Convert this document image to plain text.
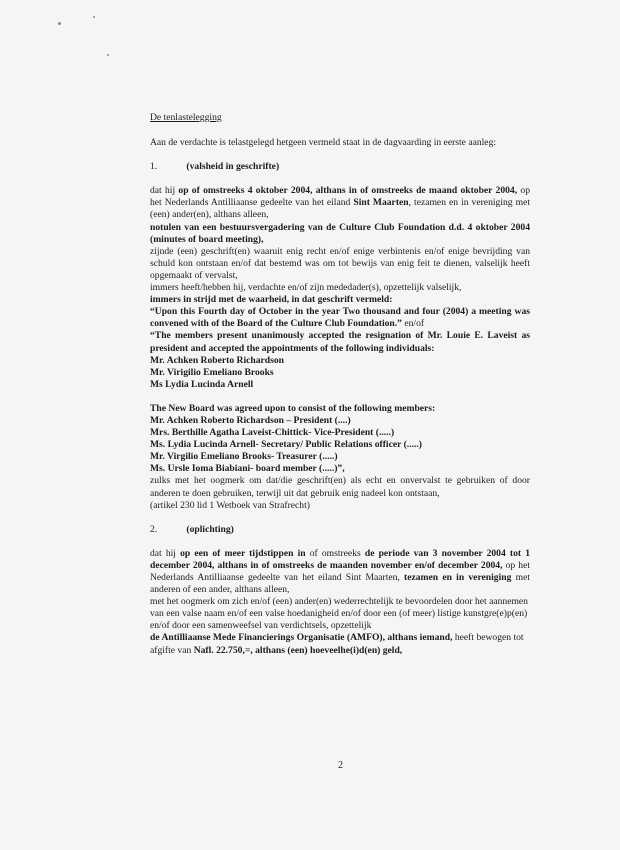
De tenlastelegging

Aan de verdachte is telastgelegd hetgeen vermeld staat in de dagvaarding in eerste aanleg:

1.	(valsheid in geschrifte)

dat hij op of omstreeks 4 oktober 2004, althans in of omstreeks de maand oktober 2004, op het Nederlands Antilliaanse gedeelte van het eiland Sint Maarten, tezamen en in vereniging met (een) ander(en), althans alleen,

notulen van een bestuursvergadering van de Culture Club Foundation d.d. 4 oktober 2004 (minutes of board meeting),

zijnde (een) geschrift(en) waaruit enig recht en/of enige verbintenis en/of enige bevrijding van schuld kon ontstaan en/of dat bestemd was om tot bewijs van enig feit te dienen, valselijk heeft opgemaakt of vervalst,

immers heeft/hebben hij, verdachte en/of zijn mededader(s), opzettelijk valselijk,

immers in strijd met de waarheid, in dat geschrift vermeld:

“Upon this Fourth day of October in the year Two thousand and four (2004) a meeting was convened with of the Board of the Culture Club Foundation.” en/of

“The members present unanimously accepted the resignation of Mr. Louie E. Laveist as president and accepted the appointments of the following individuals:

Mr. Achken Roberto Richardson
Mr. Virigilio Emeliano Brooks
Ms Lydia Lucinda Arnell
The New Board was agreed upon to consist of the following members:
Mr. Achken Roberto Richardson – President (....)
Mrs. Berthille Agatha Laveist-Chittick- Vice-President (.....)
Ms. Lydia Lucinda Arnell- Secretary/ Public Relations officer (.....)
Mr. Virgilio Emeliano Brooks- Treasurer (.....)
Ms. Ursle Ioma Biabiani- board member (.....)”,

zulks met het oogmerk om dat/die geschrift(en) als echt en onvervalst te gebruiken of door anderen te doen gebruiken, terwijl uit dat gebruik enig nadeel kon ontstaan,

(artikel 230 lid 1 Wetboek van Strafrecht)

2.	(oplichting)

dat hij op een of meer tijdstippen in of omstreeks de periode van 3 november 2004 tot 1 december 2004, althans in of omstreeks de maanden november en/of december 2004, op het Nederlands Antilliaanse gedeelte van het eiland Sint Maarten, tezamen en in vereniging met anderen of een ander, althans alleen,

met het oogmerk om zich en/of (een) ander(en) wederrechtelijk te bevoordelen door het aannemen van een valse naam en/of een valse hoedanigheid en/of door een (of meer) listige kunstgre(e)p(en) en/of door een samenweefsel van verdichtsels, opzettelijk

de Antilliaanse Mede Financierings Organisatie (AMFO), althans iemand, heeft bewogen tot afgifte van Nafl. 22.750,=, althans (een) hoeveelhe(i)d(en) geld,

2
